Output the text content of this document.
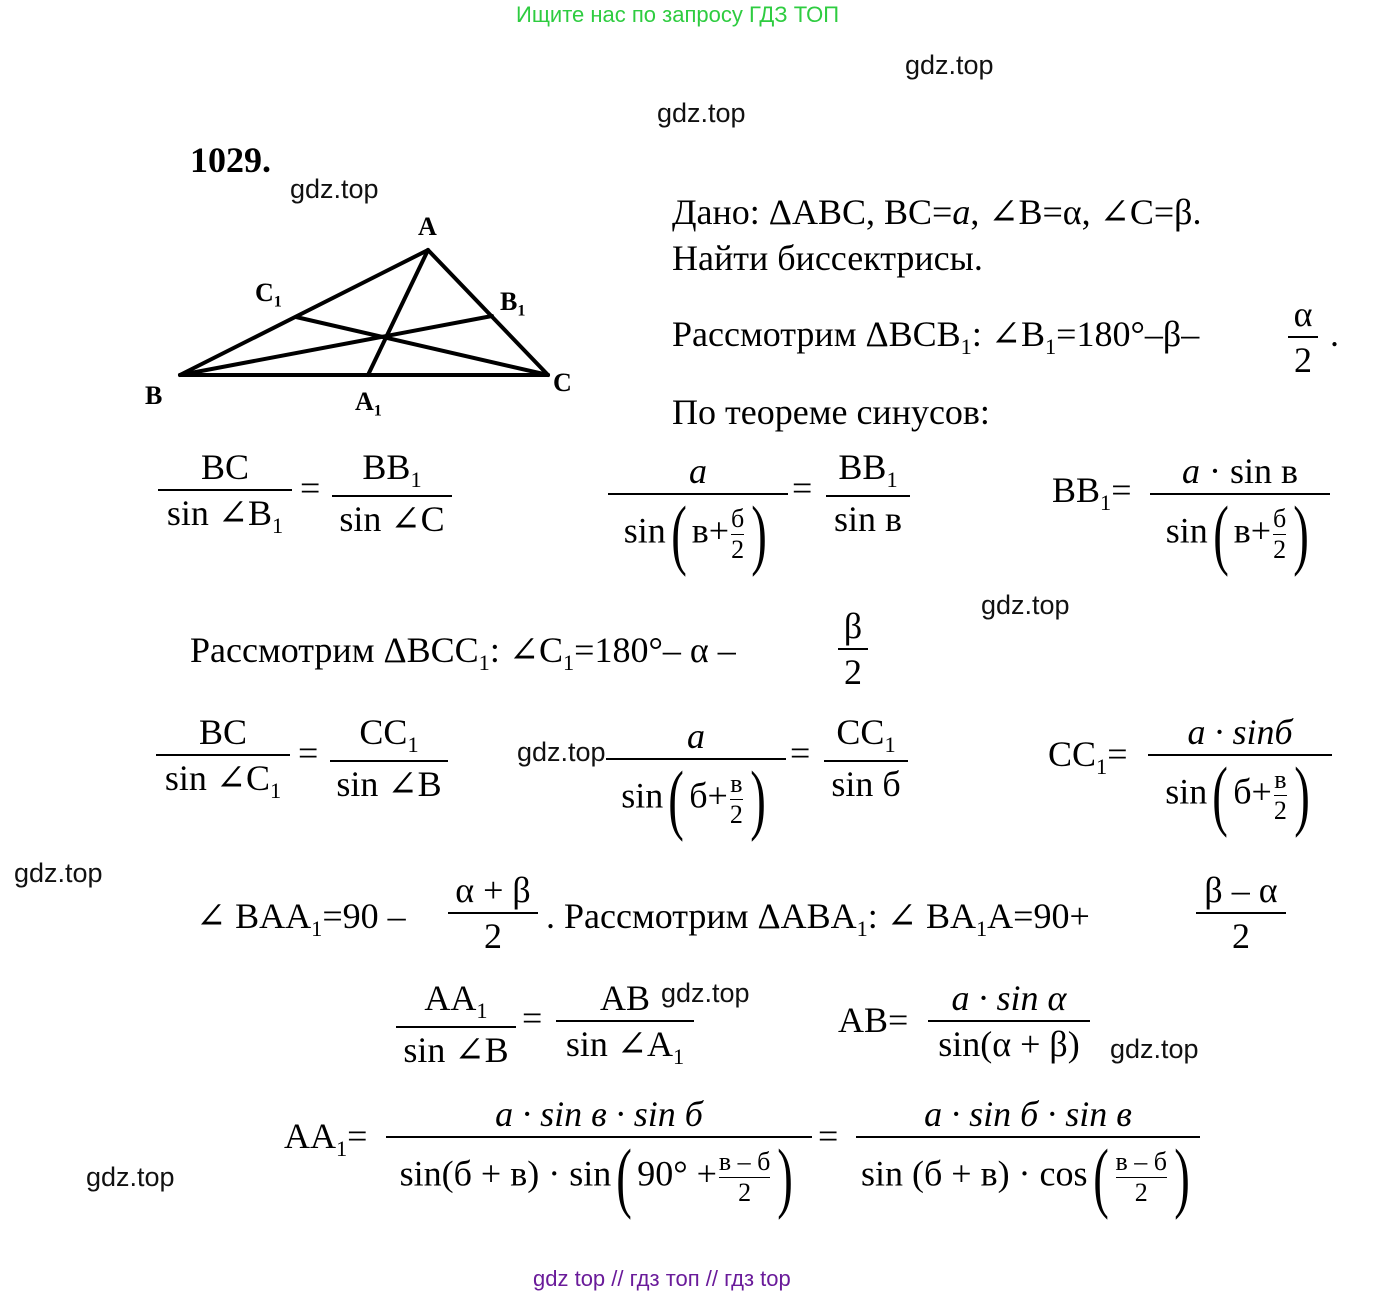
Ищите нас по запросу ГДЗ ТОП
gdz.top
gdz.top
gdz.top
gdz.top
gdz.top
gdz.top
gdz.top
gdz.top
gdz.top
1029.
A
B	C
$C_1$	$B_1$
$A_1$
Дано: ΔABC, BC=a, ∠B=α, ∠C=β.
Найти биссектрисы.
Рассмотрим $\Delta BCB_1$: $\angle B_1=180^\circ-\beta-$	α
2
.
По теореме синусов:
BC
$\sin \angle B_1$
=
$BB_1$
sin ∠C
a
sin( в+ б
2 )
=
$BB_1$
sin в
$BB_1=$	a · sin в
sin( в+ б
2 )
Рассмотрим $\Delta BCC_1$: $\angle C_1=180^\circ-$ α –
β
2
BC
$\sin \angle C_1$
=
$CC_1$
sin ∠B
a
sin( б+ в
2 )
=
$CC_1$
sin б
$CC_1=$
a · sinб
sin( б+ в
2 )
∠ $BAA_1=90$ –
α + β
2	. Рассмотрим $\Delta ABA_1$: ∠ $BA_1A=90+$
β – α
2
$AA_1$
sin ∠B
=	AB
$\sin \angle A_1$
AB=
a · sin α
sin(α + β)
$AA_1=$
a · sin в · sin б
sin(б + в) · sin( 90° + в – б
2 ) =
a · sin б · sin в
sin (б + в) · cos( в – б
2 )
gdz top // гдз топ // гдз top
